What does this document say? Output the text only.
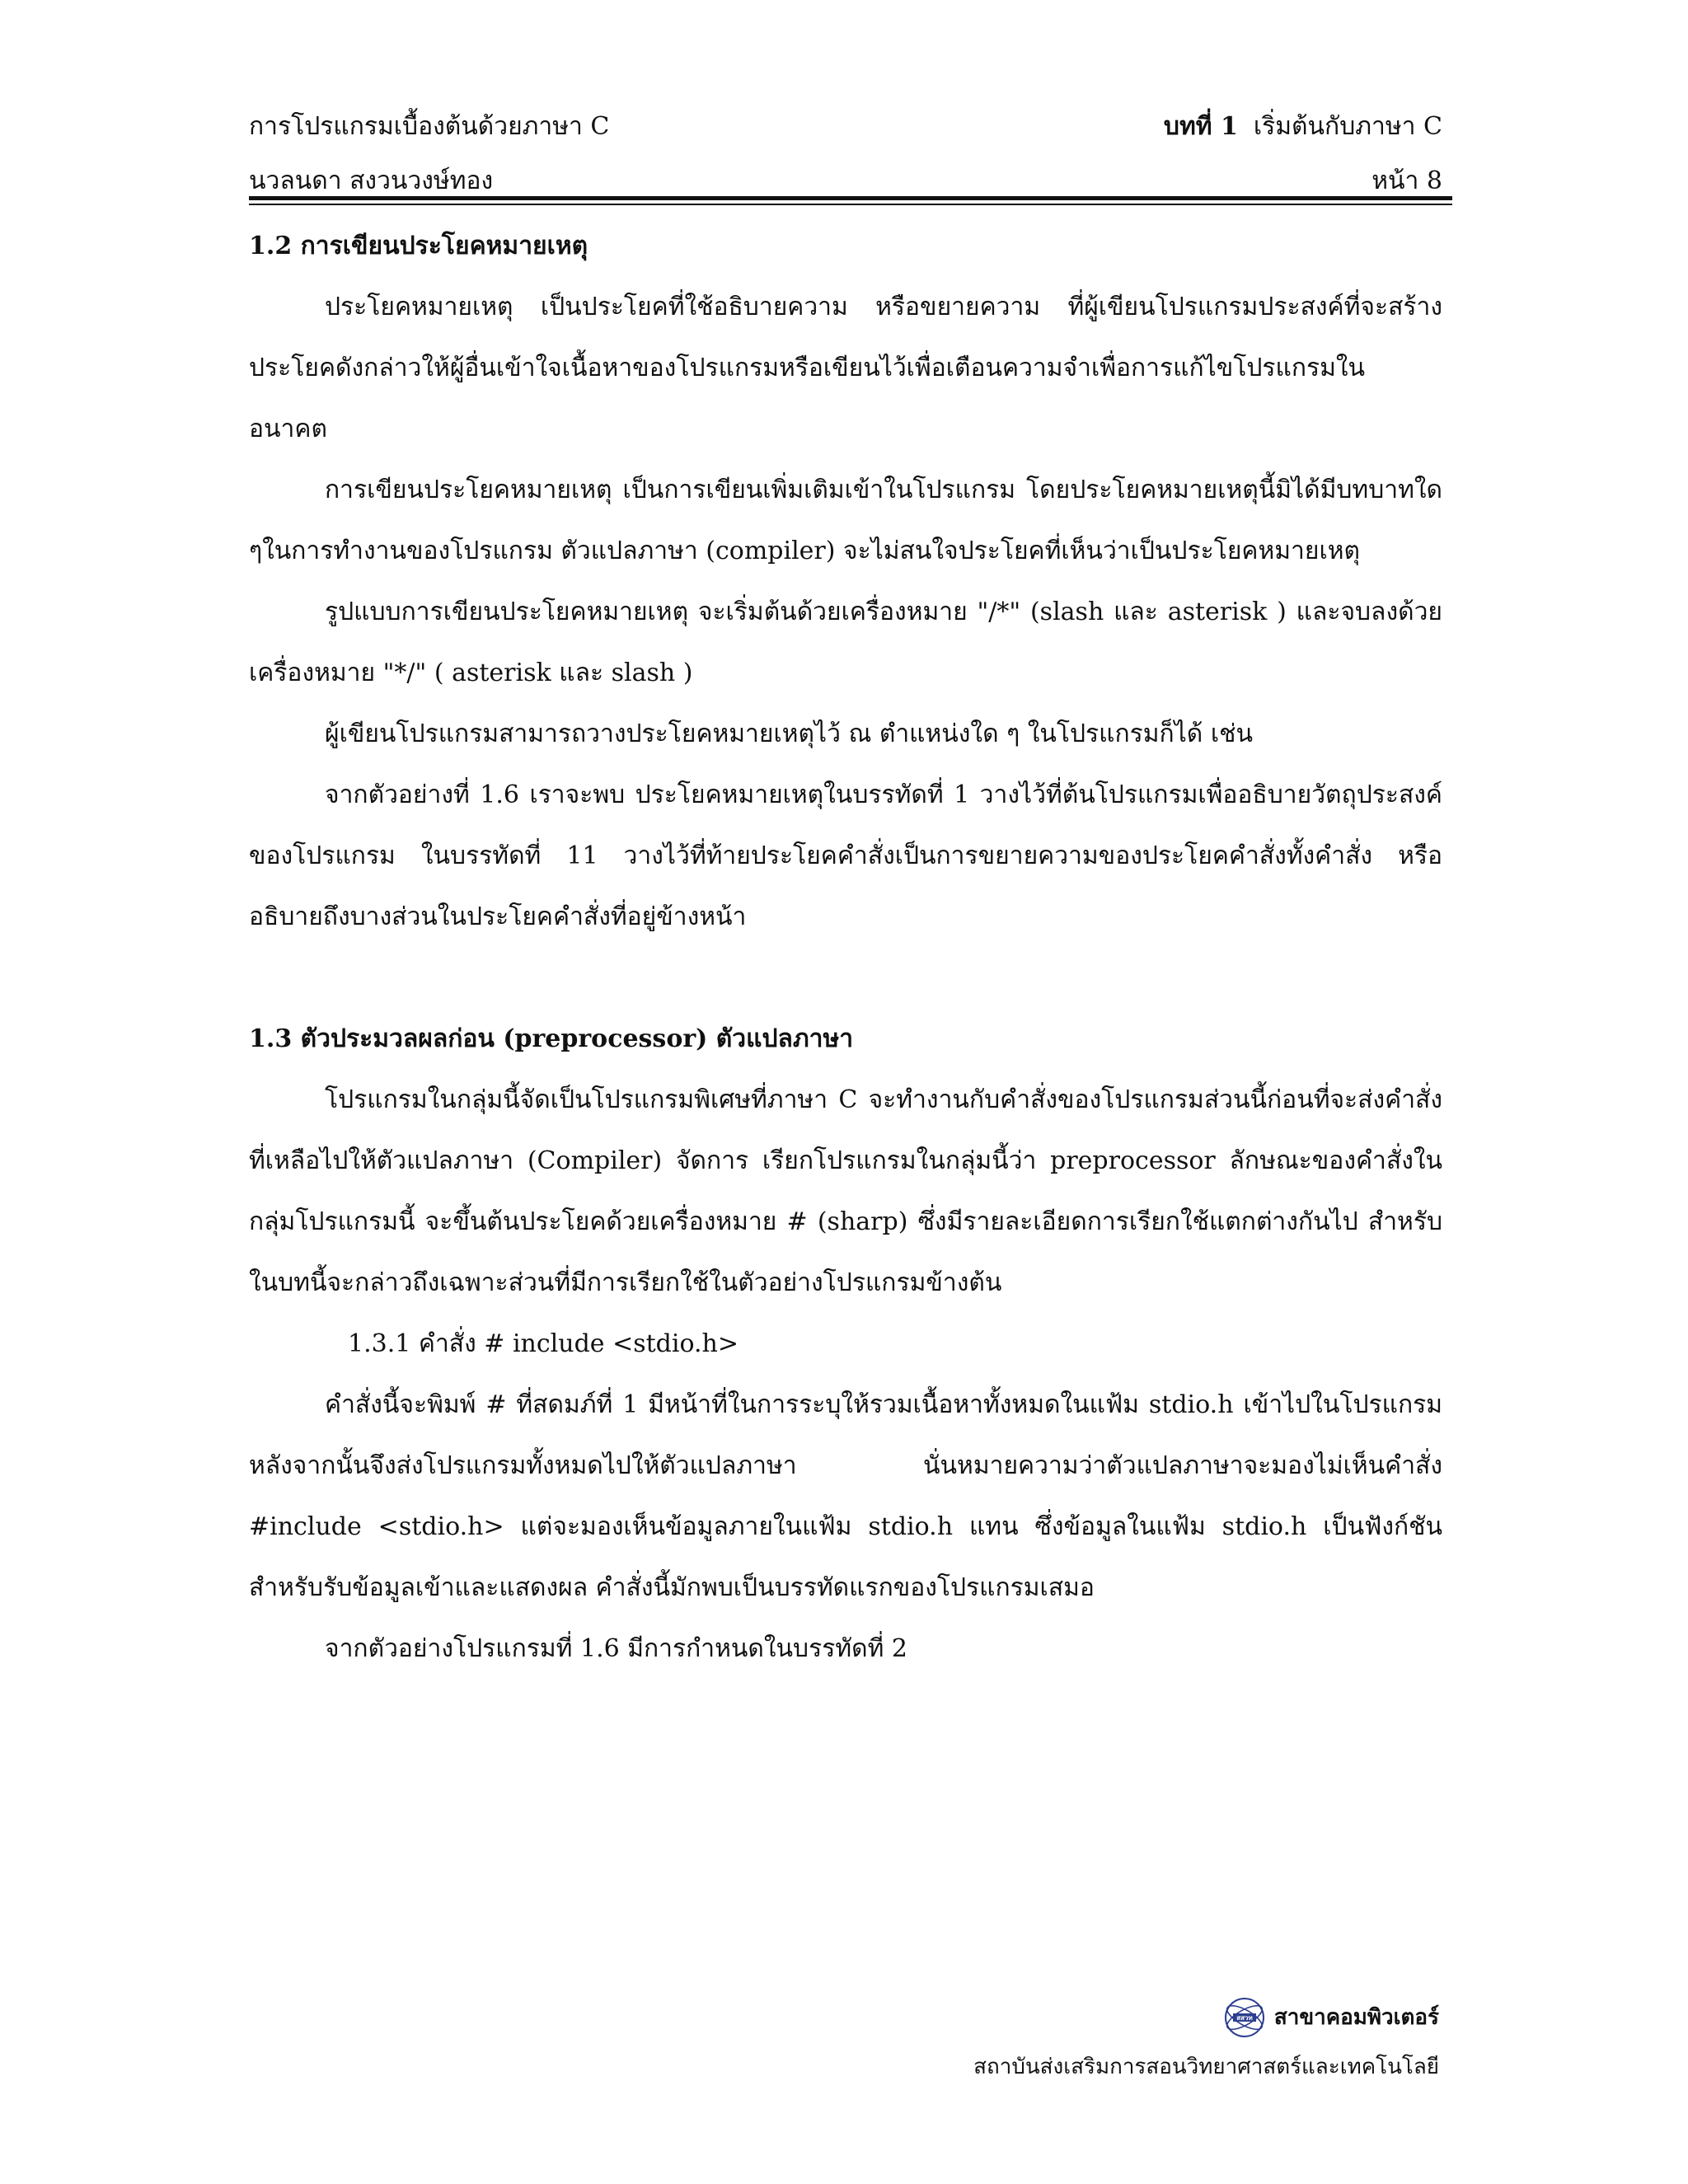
การโปรแกรมเบื้องต้นด้วยภาษา C	บทที่ 1  เริ่มต้นกับภาษา C
นวลนดา สงวนวงษ์ทอง	หน้า 8

1.2 การเขียนประโยคหมายเหตุ

ประโยคหมายเหตุ เป็นประโยคที่ใช้อธิบายความ หรือขยายความ ที่ผู้เขียนโปรแกรมประสงค์ที่จะสร้างประโยคดังกล่าวให้ผู้อื่นเข้าใจเนื้อหาของโปรแกรมหรือเขียนไว้เพื่อเตือนความจำเพื่อการแก้ไขโปรแกรมในอนาคต

การเขียนประโยคหมายเหตุ เป็นการเขียนเพิ่มเติมเข้าในโปรแกรม โดยประโยคหมายเหตุนี้มิได้มีบทบาทใด ๆในการทำงานของโปรแกรม ตัวแปลภาษา (compiler) จะไม่สนใจประโยคที่เห็นว่าเป็นประโยคหมายเหตุ

รูปแบบการเขียนประโยคหมายเหตุ จะเริ่มต้นด้วยเครื่องหมาย "/*" (slash และ asterisk ) และจบลงด้วยเครื่องหมาย "*/" ( asterisk และ slash )

ผู้เขียนโปรแกรมสามารถวางประโยคหมายเหตุไว้ ณ ตำแหน่งใด ๆ ในโปรแกรมก็ได้ เช่น

จากตัวอย่างที่ 1.6 เราจะพบ ประโยคหมายเหตุในบรรทัดที่ 1 วางไว้ที่ต้นโปรแกรมเพื่ออธิบายวัตถุประสงค์ของโปรแกรม ในบรรทัดที่ 11 วางไว้ที่ท้ายประโยคคำสั่งเป็นการขยายความของประโยคคำสั่งทั้งคำสั่ง หรืออธิบายถึงบางส่วนในประโยคคำสั่งที่อยู่ข้างหน้า

1.3 ตัวประมวลผลก่อน (preprocessor) ตัวแปลภาษา

โปรแกรมในกลุ่มนี้จัดเป็นโปรแกรมพิเศษที่ภาษา C จะทำงานกับคำสั่งของโปรแกรมส่วนนี้ก่อนที่จะส่งคำสั่งที่เหลือไปให้ตัวแปลภาษา (Compiler) จัดการ เรียกโปรแกรมในกลุ่มนี้ว่า preprocessor ลักษณะของคำสั่งในกลุ่มโปรแกรมนี้ จะขึ้นต้นประโยคด้วยเครื่องหมาย # (sharp) ซึ่งมีรายละเอียดการเรียกใช้แตกต่างกันไป สำหรับในบทนี้จะกล่าวถึงเฉพาะส่วนที่มีการเรียกใช้ในตัวอย่างโปรแกรมข้างต้น

1.3.1 คำสั่ง # include <stdio.h>

คำสั่งนี้จะพิมพ์ # ที่สดมภ์ที่ 1 มีหน้าที่ในการระบุให้รวมเนื้อหาทั้งหมดในแฟ้ม stdio.h เข้าไปในโปรแกรม หลังจากนั้นจึงส่งโปรแกรมทั้งหมดไปให้ตัวแปลภาษา นั่นหมายความว่าตัวแปลภาษาจะมองไม่เห็นคำสั่ง #include <stdio.h> แต่จะมองเห็นข้อมูลภายในแฟ้ม stdio.h แทน ซึ่งข้อมูลในแฟ้ม stdio.h เป็นฟังก์ชันสำหรับรับข้อมูลเข้าและแสดงผล คำสั่งนี้มักพบเป็นบรรทัดแรกของโปรแกรมเสมอ

จากตัวอย่างโปรแกรมที่ 1.6 มีการกำหนดในบรรทัดที่ 2

สสวท สาขาคอมพิวเตอร์
สถาบันส่งเสริมการสอนวิทยาศาสตร์และเทคโนโลยี
